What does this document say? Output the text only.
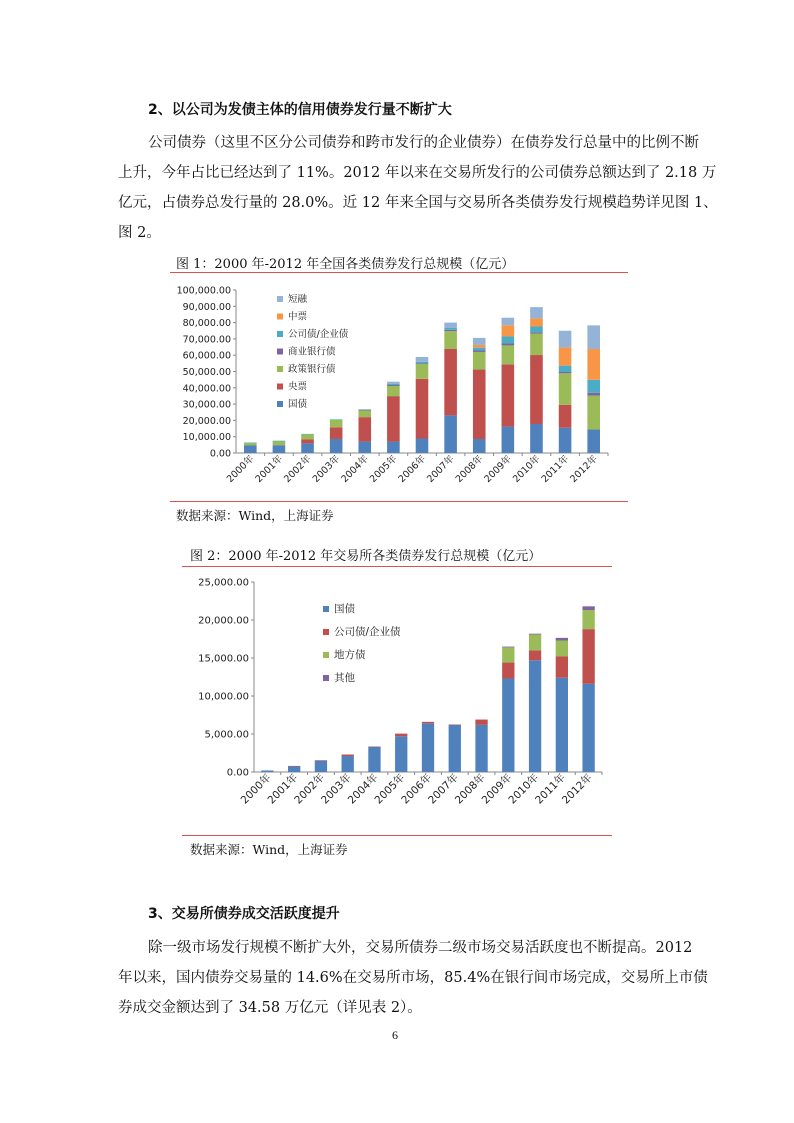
2、以公司为发债主体的信用债券发行量不断扩大
公司债券（这里不区分公司债券和跨市发行的企业债券）在债券发行总量中的比例不断
上升，今年占比已经达到了 11%。2012 年以来在交易所发行的公司债券总额达到了 2.18 万
亿元，占债券总发行量的 28.0%。近 12 年来全国与交易所各类债券发行规模趋势详见图 1、
图 2。
图 1：2000 年-2012 年全国各类债券发行总规模（亿元）
0.00
10,000.00
20,000.00
30,000.00
40,000.00
50,000.00
60,000.00
70,000.00
80,000.00
90,000.00
100,000.00
2000年
2001年
2002年
2003年
2004年
2005年
2006年
2007年
2008年
2009年
2010年
2011年
2012年
短融
中票
公司债/企业债
商业银行债
政策银行债
央票
国债
数据来源：Wind，上海证券
图 2：2000 年-2012 年交易所各类债券发行总规模（亿元）
0.00
5,000.00
10,000.00
15,000.00
20,000.00
25,000.00
2000年
2001年
2002年
2003年
2004年
2005年
2006年
2007年
2008年
2009年
2010年
2011年
2012年
国债
公司债/企业债
地方债
其他
数据来源：Wind，上海证券
3、交易所债券成交活跃度提升
除一级市场发行规模不断扩大外，交易所债券二级市场交易活跃度也不断提高。2012
年以来，国内债券交易量的 14.6%在交易所市场，85.4%在银行间市场完成，交易所上市债
券成交金额达到了 34.58 万亿元（详见表 2）。
6
